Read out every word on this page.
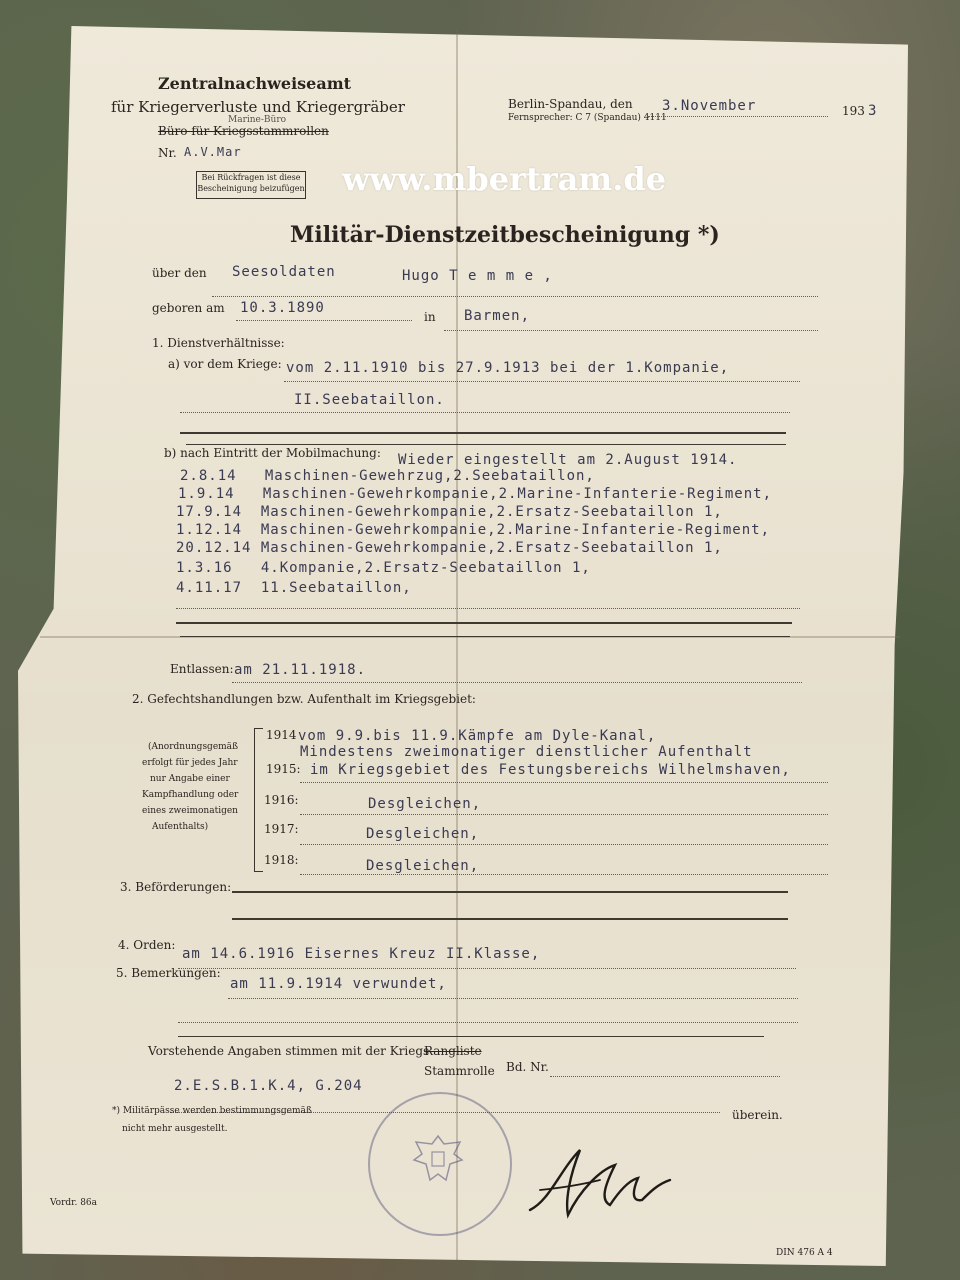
Zentralnachweiseamt
für Kriegerverluste und Kriegergräber
Marine-Büro
Büro für Kriegsstammrollen
Nr. A.V.Mar
Bei Rückfragen ist diese Bescheinigung beizufügen
Berlin-Spandau, den 3.November	193 3
Fernsprecher: C 7 (Spandau) 4111
www.mbertram.de
Militär-Dienstzeitbescheinigung *)
über den Seesoldaten	Hugo T e m m e ,
geboren am 10.3.1890
in Barmen,
1. Dienstverhältnisse:
a) vor dem Kriege: vom 2.11.1910 bis 27.9.1913 bei der 1.Kompanie,
II.Seebataillon.
b) nach Eintritt der Mobilmachung: Wieder eingestellt am 2.August 1914.
2.8.14   Maschinen-Gewehrzug,2.Seebataillon,
1.9.14   Maschinen-Gewehrkompanie,2.Marine-Infanterie-Regiment,
17.9.14  Maschinen-Gewehrkompanie,2.Ersatz-Seebataillon 1,
1.12.14  Maschinen-Gewehrkompanie,2.Marine-Infanterie-Regiment,
20.12.14 Maschinen-Gewehrkompanie,2.Ersatz-Seebataillon 1,
1.3.16   4.Kompanie,2.Ersatz-Seebataillon 1,
4.11.17  11.Seebataillon,
Entlassen: am 21.11.1918.
2. Gefechtshandlungen bzw. Aufenthalt im Kriegsgebiet:
(Anordnungsgemäß
erfolgt für jedes Jahr
nur Angabe einer
Kampfhandlung oder
eines zweimonatigen
Aufenthalts)
1914 vom 9.9.bis 11.9.Kämpfe am Dyle-Kanal,
Mindestens zweimonatiger dienstlicher Aufenthalt
1915: im Kriegsgebiet des Festungsbereichs Wilhelmshaven,
1916:	Desgleichen,
1917:	Desgleichen,
1918:	Desgleichen,
3. Beförderungen:
4. Orden:
am 14.6.1916 Eisernes Kreuz II.Klasse,
5. Bemerkungen:
am 11.9.1914 verwundet,
Vorstehende Angaben stimmen mit der Kriegs-
Rangliste
Stammrolle Bd. Nr.
2.E.S.B.1.K.4, G.204
überein.
*) Militärpässe werden bestimmungsgemäß
nicht mehr ausgestellt.
Vordr. 86a
DIN 476 A 4
